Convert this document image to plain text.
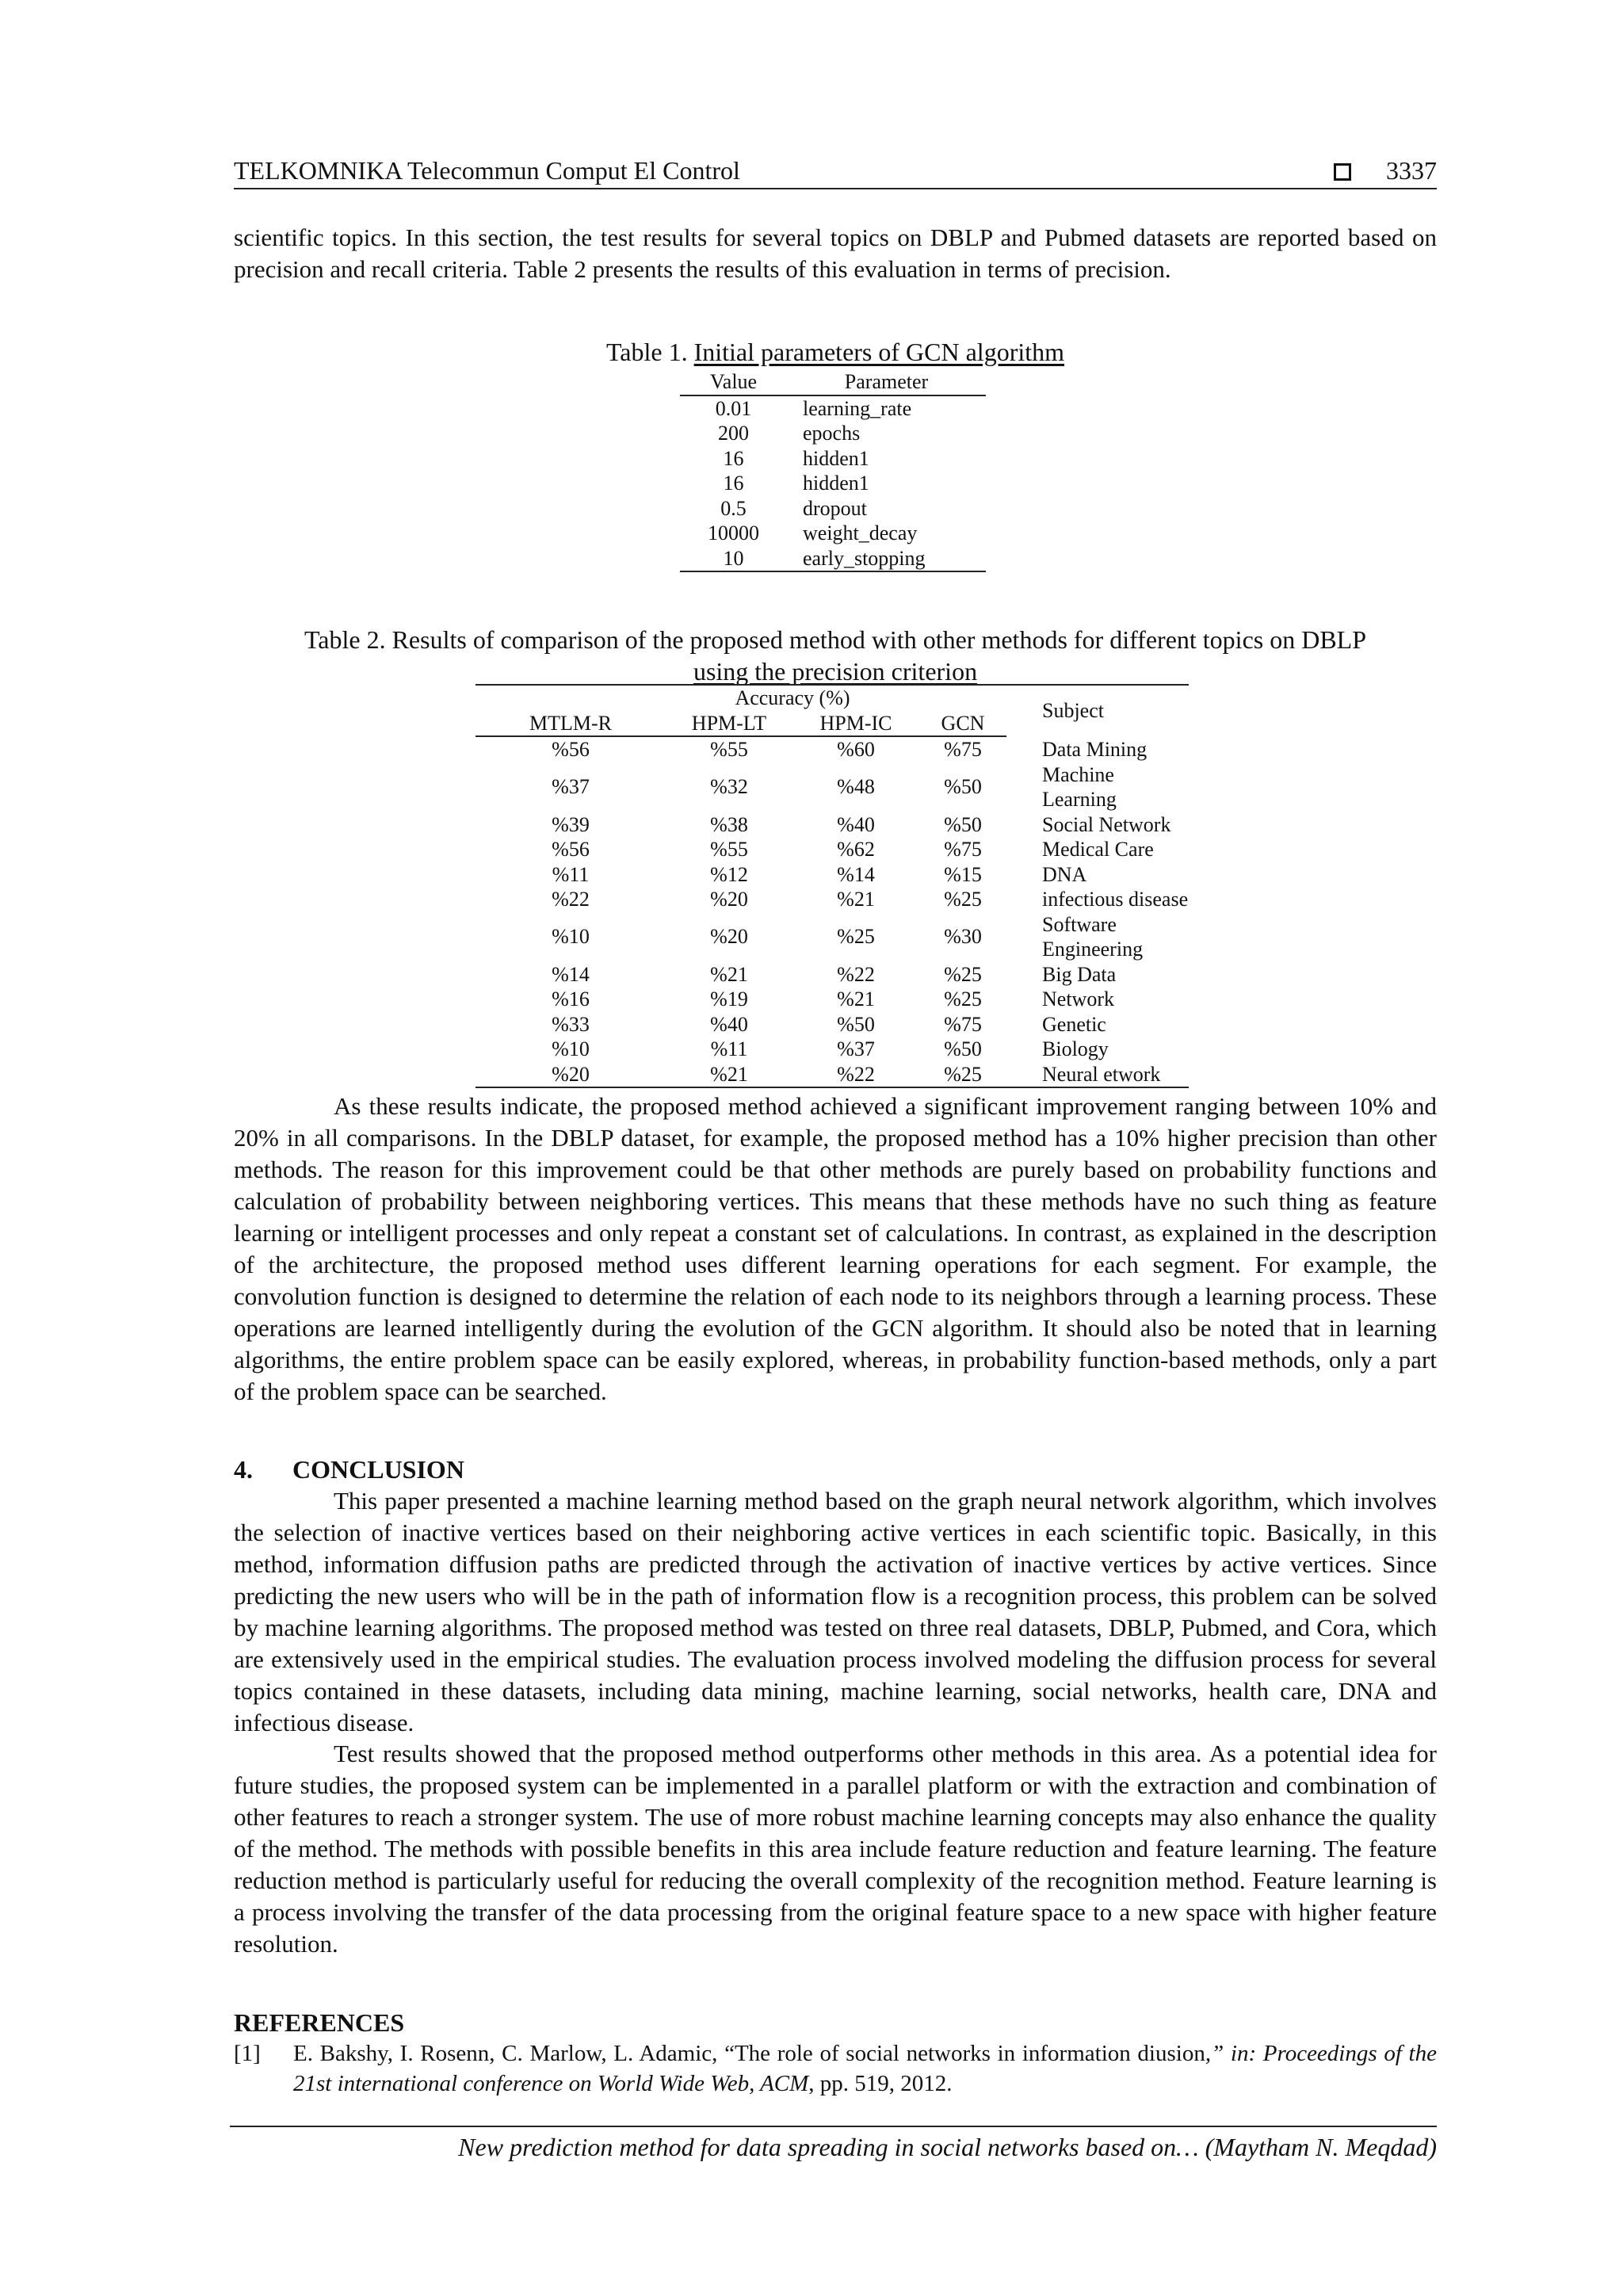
TELKOMNIKA Telecommun Comput El Control	3337

scientific topics. In this section, the test results for several topics on DBLP and Pubmed datasets are reported based on precision and recall criteria. Table 2 presents the results of this evaluation in terms of precision.

Table 1. Initial parameters of GCN algorithm
Value	Parameter
0.01	learning_rate
200	epochs
16	hidden1
16	hidden1
0.5	dropout
10000	weight_decay
10	early_stopping
Table 2. Results of comparison of the proposed method with other methods for different topics on DBLP
using the precision criterion
	Accuracy (%)			Subject
MTLM-R	HPM-LT	HPM-IC	GCN	
%56	%55	%60	%75	Data Mining
%37	%32	%48	%50	Machine Learning
%39	%38	%40	%50	Social Network
%56	%55	%62	%75	Medical Care
%11	%12	%14	%15	DNA
%22	%20	%21	%25	infectious disease
%10	%20	%25	%30	Software Engineering
%14	%21	%22	%25	Big Data
%16	%19	%21	%25	Network
%33	%40	%50	%75	Genetic
%10	%11	%37	%50	Biology
%20	%21	%22	%25	Neural etwork

As these results indicate, the proposed method achieved a significant improvement ranging between 10% and 20% in all comparisons. In the DBLP dataset, for example, the proposed method has a 10% higher precision than other methods. The reason for this improvement could be that other methods are purely based on probability functions and calculation of probability between neighboring vertices. This means that these methods have no such thing as feature learning or intelligent processes and only repeat a constant set of calculations. In contrast, as explained in the description of the architecture, the proposed method uses different learning operations for each segment. For example, the convolution function is designed to determine the relation of each node to its neighbors through a learning process. These operations are learned intelligently during the evolution of the GCN algorithm. It should also be noted that in learning algorithms, the entire problem space can be easily explored, whereas, in probability function-based methods, only a part of the problem space can be searched.

4. CONCLUSION

This paper presented a machine learning method based on the graph neural network algorithm, which involves the selection of inactive vertices based on their neighboring active vertices in each scientific topic. Basically, in this method, information diffusion paths are predicted through the activation of inactive vertices by active vertices. Since predicting the new users who will be in the path of information flow is a recognition process, this problem can be solved by machine learning algorithms. The proposed method was tested on three real datasets, DBLP, Pubmed, and Cora, which are extensively used in the empirical studies. The evaluation process involved modeling the diffusion process for several topics contained in these datasets, including data mining, machine learning, social networks, health care, DNA and infectious disease.

Test results showed that the proposed method outperforms other methods in this area. As a potential idea for future studies, the proposed system can be implemented in a parallel platform or with the extraction and combination of other features to reach a stronger system. The use of more robust machine learning concepts may also enhance the quality of the method. The methods with possible benefits in this area include feature reduction and feature learning. The feature reduction method is particularly useful for reducing the overall complexity of the recognition method. Feature learning is a process involving the transfer of the data processing from the original feature space to a new space with higher feature resolution.

REFERENCES
[1] E. Bakshy, I. Rosenn, C. Marlow, L. Adamic, “The role of social networks in information diusion,” in: Proceedings of the 21st international conference on World Wide Web, ACM, pp. 519, 2012.
New prediction method for data spreading in social networks based on… (Maytham N. Meqdad)
